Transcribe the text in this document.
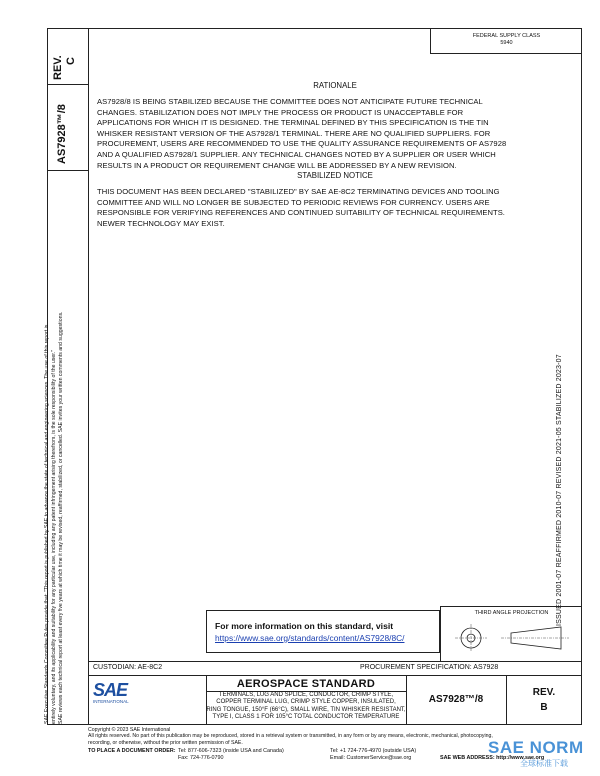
REV. C
AS7928™/8
SAE Executive Standards Committee Rules provide that: "This report is published by SAE to advance the state of technical and engineering sciences. The use of this report is entirely voluntary, and its applicability and suitability for any particular use, including any patent infringement arising therefrom, is the sole responsibility of the user." SAE reviews each technical report at least every five years at which time it may be revised, reaffirmed, stabilized, or cancelled. SAE invites your written comments and suggestions.
FEDERAL SUPPLY CLASS
5940
RATIONALE
AS7928/8 IS BEING STABILIZED BECAUSE THE COMMITTEE DOES NOT ANTICIPATE FUTURE TECHNICAL
CHANGES. STABILIZATION DOES NOT IMPLY THE PROCESS OR PRODUCT IS UNACCEPTABLE FOR
APPLICATIONS FOR WHICH IT IS DESIGNED. THE TERMINAL DEFINED BY THIS SPECIFICATION IS THE TIN
WHISKER RESISTANT VERSION OF THE AS7928/1 TERMINAL. THERE ARE NO QUALIFIED SUPPLIERS. FOR
PROCUREMENT, USERS ARE RECOMMENDED TO USE THE QUALITY ASSURANCE REQUIREMENTS OF AS7928
AND A QUALIFIED AS7928/1 SUPPLIER. ANY TECHNICAL CHANGES NOTED BY A SUPPLIER OR USER WHICH
RESULTS IN A PRODUCT OR REQUIREMENT CHANGE WILL BE ADDRESSED BY A NEW REVISION.
STABILIZED NOTICE
THIS DOCUMENT HAS BEEN DECLARED "STABILIZED" BY SAE AE-8C2 TERMINATING DEVICES AND TOOLING
COMMITTEE AND WILL NO LONGER BE SUBJECTED TO PERIODIC REVIEWS FOR CURRENCY. USERS ARE
RESPONSIBLE FOR VERIFYING REFERENCES AND CONTINUED SUITABILITY OF TECHNICAL REQUIREMENTS.
NEWER TECHNOLOGY MAY EXIST.
ISSUED 2001-07 REAFFIRMED 2010-07 REVISED 2021-05 STABILIZED 2023-07
For more information on this standard, visit
https://www.sae.org/standards/content/AS7928/8C/
THIRD ANGLE PROJECTION
CUSTODIAN: AE-8C2	PROCUREMENT SPECIFICATION: AS7928
SAE
INTERNATIONAL
AEROSPACE STANDARD
TERMINALS, LUG AND SPLICE, CONDUCTOR, CRIMP STYLE,
COPPER TERMINAL LUG, CRIMP STYLE COPPER, INSULATED,
RING TONGUE, 150°F (66°C), SMALL WIRE, TIN WHISKER RESISTANT,
TYPE I, CLASS 1 FOR 105°C TOTAL CONDUCTOR TEMPERATURE
AS7928™/8
REV.
B
Copyright © 2023 SAE International
All rights reserved. No part of this publication may be reproduced, stored in a retrieval system or transmitted, in any form or by any means, electronic, mechanical, photocopying,
recording, or otherwise, without the prior written permission of SAE.
TO PLACE A DOCUMENT ORDER: Tel: 877-606-7323 (inside USA and Canada)
Fax: 724-776-0790
Tel: +1 724-776-4970 (outside USA)
Email: CustomerService@sae.org	SAE WEB ADDRESS: http://www.sae.org
SAE NORM
全球标准下载
